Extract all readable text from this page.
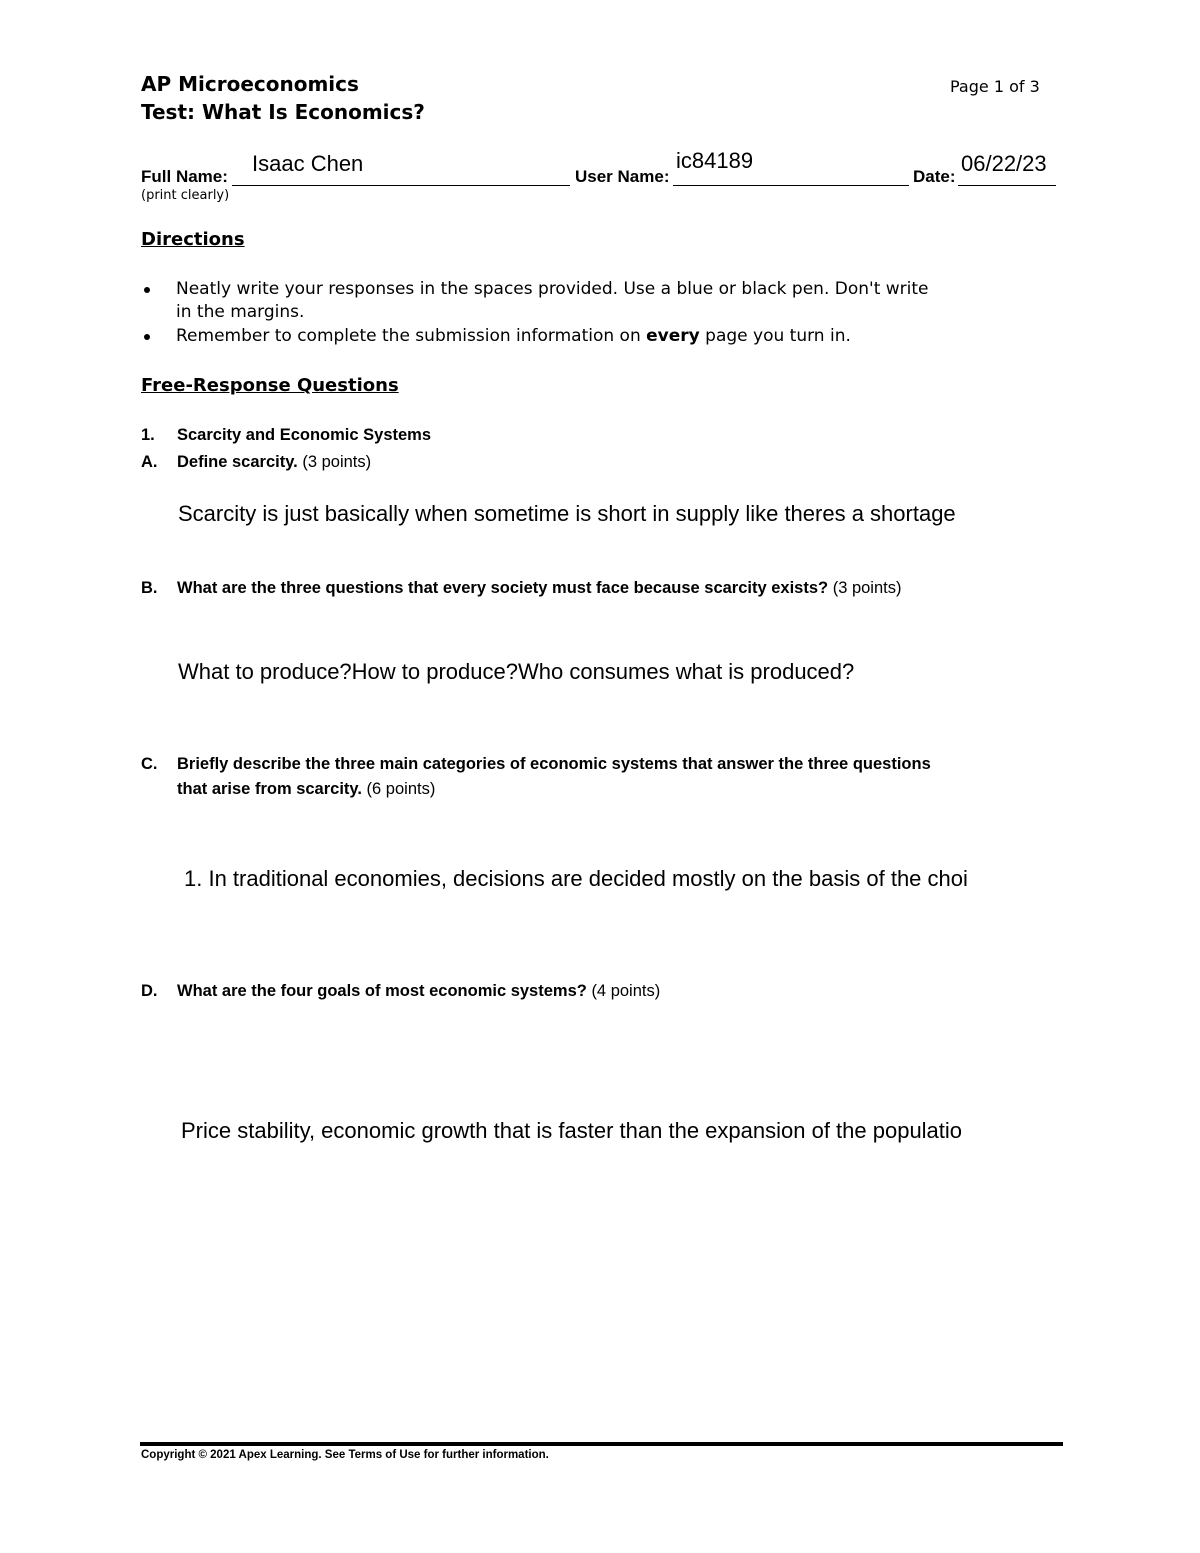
AP Microeconomics
Test: What Is Economics?
Page 1 of 3
Full Name:
Isaac Chen
(print clearly)
User Name:
ic84189
Date:
06/22/23
Directions
Neatly write your responses in the spaces provided. Use a blue or black pen. Don't write
in the margins.
Remember to complete the submission information on every page you turn in.
Free-Response Questions
1. Scarcity and Economic Systems
A. Define scarcity. (3 points)
Scarcity is just basically when sometime is short in supply like theres a shortage
B. What are the three questions that every society must face because scarcity exists? (3 points)
What to produce?How to produce?Who consumes what is produced?
C. Briefly describe the three main categories of economic systems that answer the three questions
that arise from scarcity. (6 points)
1. In traditional economies, decisions are decided mostly on the basis of the choi
D. What are the four goals of most economic systems? (4 points)
Price stability, economic growth that is faster than the expansion of the populatio
Copyright © 2021 Apex Learning. See Terms of Use for further information.
